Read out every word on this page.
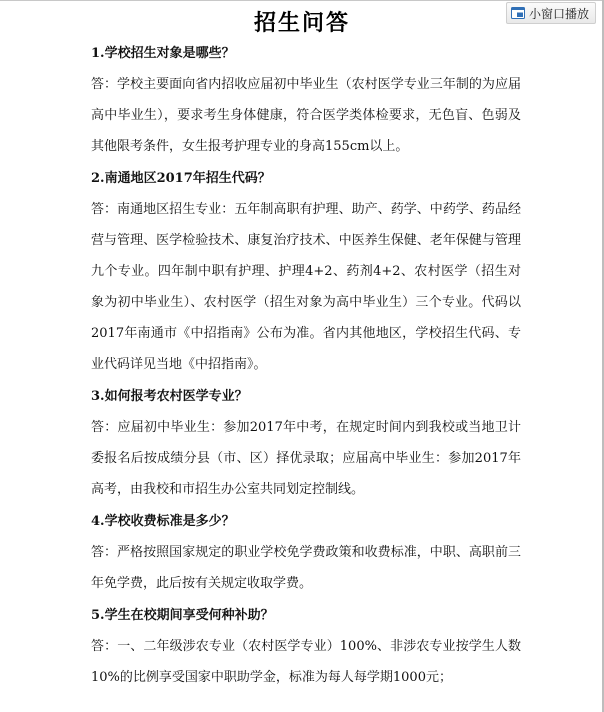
小窗口播放
招生问答

1.学校招生对象是哪些？

答：学校主要面向省内招收应届初中毕业生（农村医学专业三年制的为应届高中毕业生），要求考生身体健康，符合医学类体检要求，无色盲、色弱及其他限考条件，女生报考护理专业的身高155cm以上。

2.南通地区2017年招生代码？

答：南通地区招生专业：五年制高职有护理、助产、药学、中药学、药品经营与管理、医学检验技术、康复治疗技术、中医养生保健、老年保健与管理九个专业。四年制中职有护理、护理4+2、药剂4+2、农村医学（招生对象为初中毕业生）、农村医学（招生对象为高中毕业生）三个专业。代码以2017年南通市《中招指南》公布为准。省内其他地区，学校招生代码、专业代码详见当地《中招指南》。

3.如何报考农村医学专业？

答：应届初中毕业生：参加2017年中考，在规定时间内到我校或当地卫计委报名后按成绩分县（市、区）择优录取；应届高中毕业生：参加2017年高考，由我校和市招生办公室共同划定控制线。

4.学校收费标准是多少？

答：严格按照国家规定的职业学校免学费政策和收费标准，中职、高职前三年免学费，此后按有关规定收取学费。

5.学生在校期间享受何种补助？

答：一、二年级涉农专业（农村医学专业）100%、非涉农专业按学生人数10%的比例享受国家中职助学金，标准为每人每学期1000元；
